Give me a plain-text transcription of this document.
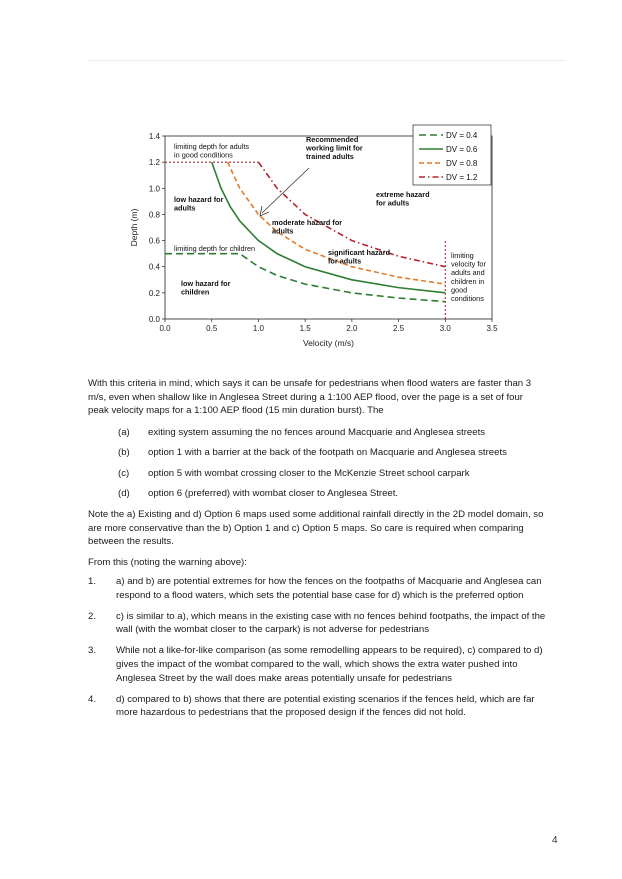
0.0	0.5	1.0	1.5	2.0	2.5	3.0	3.5
0.0
0.2
0.4
0.6
0.8
1.0
1.2
1.4
Velocity (m/s)
Depth (m)
limiting depth for adults in good conditions
Recommended working limit for trained adults
extreme hazard for adults
low hazard for adults
moderate hazard for adults
limiting depth for children	significant hazard for adults
limiting velocity for adults and children in good conditions
low hazard for children
DV = 0.4
DV = 0.6
DV = 0.8
DV = 1.2
With this criteria in mind, which says it can be unsafe for pedestrians when flood waters are faster than 3 m/s, even when shallow like in Anglesea Street during a 1:100 AEP flood, over the page is a set of four peak velocity maps for a 1:100 AEP flood (15 min duration burst). The
(a) exiting system assuming the no fences around Macquarie and Anglesea streets
(b) option 1 with a barrier at the back of the footpath on Macquarie and Anglesea streets
(c) option 5 with wombat crossing closer to the McKenzie Street school carpark
(d) option 6 (preferred) with wombat closer to Anglesea Street.
Note the a) Existing and d) Option 6 maps used some additional rainfall directly in the 2D model domain, so are more conservative than the b) Option 1 and c) Option 5 maps. So care is required when comparing between the results.
From this (noting the warning above):
1. a) and b) are potential extremes for how the fences on the footpaths of Macquarie and Anglesea can respond to a flood waters, which sets the potential base case for d) which is the preferred option
2. c) is similar to a), which means in the existing case with no fences behind footpaths, the impact of the wall (with the wombat closer to the carpark) is not adverse for pedestrians
3. While not a like-for-like comparison (as some remodelling appears to be required), c) compared to d) gives the impact of the wombat compared to the wall, which shows the extra water pushed into Anglesea Street by the wall does make areas potentially unsafe for pedestrians
4. d) compared to b) shows that there are potential existing scenarios if the fences held, which are far more hazardous to pedestrians that the proposed design if the fences did not hold.
4
